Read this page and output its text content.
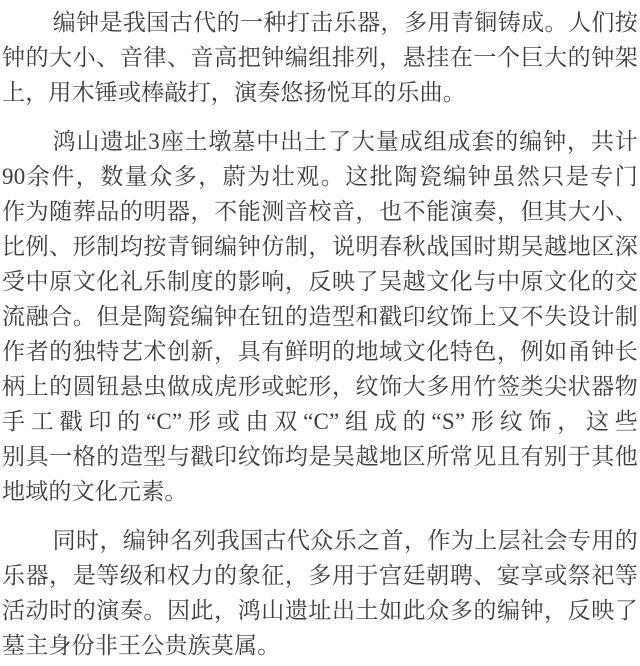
编钟是我国古代的一种打击乐器，多用青铜铸成。人们按
钟的大小、音律、音高把钟编组排列，悬挂在一个巨大的钟架
上，用木锤或棒敲打，演奏悠扬悦耳的乐曲。
鸿山遗址3座土墩墓中出土了大量成组成套的编钟，共计
90余件，数量众多，蔚为壮观。这批陶瓷编钟虽然只是专门
作为随葬品的明器，不能测音校音，也不能演奏，但其大小、
比例、形制均按青铜编钟仿制，说明春秋战国时期吴越地区深
受中原文化礼乐制度的影响，反映了吴越文化与中原文化的交
流融合。但是陶瓷编钟在钮的造型和戳印纹饰上又不失设计制
作者的独特艺术创新，具有鲜明的地域文化特色，例如甬钟长
柄上的圆钮悬虫做成虎形或蛇形，纹饰大多用竹签类尖状器物
手工戳印的“C”形或由双“C”组成的“S”形纹饰，这些
别具一格的造型与戳印纹饰均是吴越地区所常见且有别于其他
地域的文化元素。
同时，编钟名列我国古代众乐之首，作为上层社会专用的
乐器，是等级和权力的象征，多用于宫廷朝聘、宴享或祭祀等
活动时的演奏。因此，鸿山遗址出土如此众多的编钟，反映了
墓主身份非王公贵族莫属。
